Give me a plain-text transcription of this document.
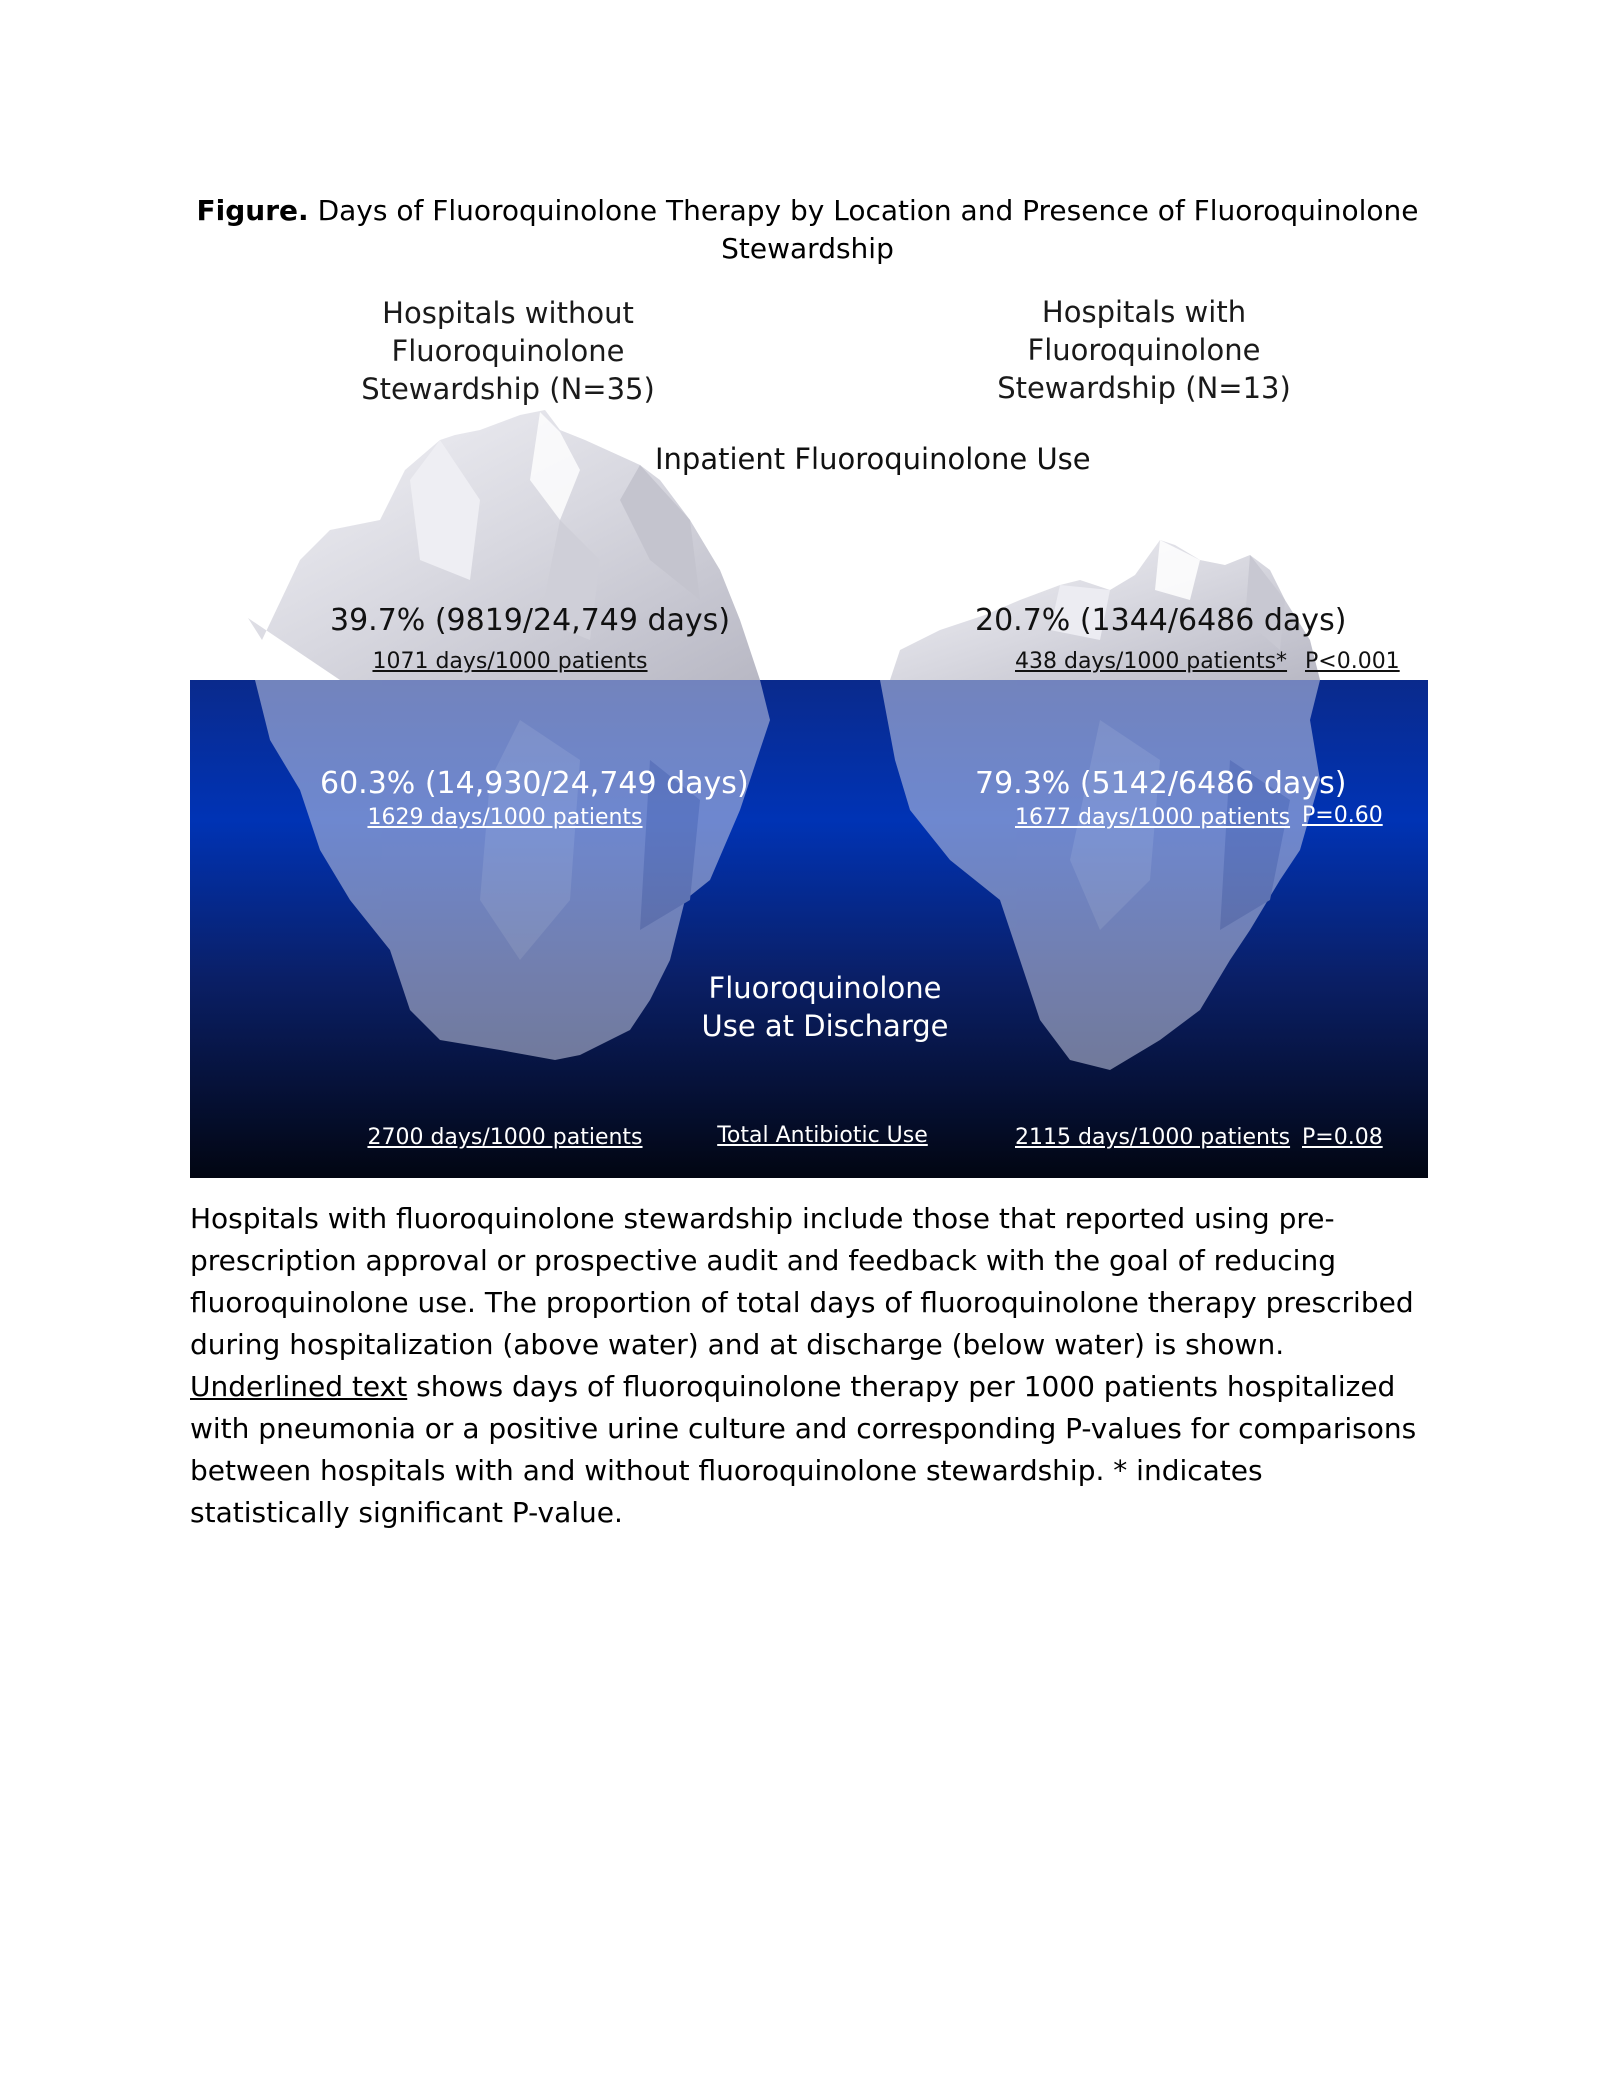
Figure. Days of Fluoroquinolone Therapy by Location and Presence of Fluoroquinolone Stewardship
Hospitals without Fluoroquinolone Stewardship (N=35)
Hospitals with Fluoroquinolone Stewardship (N=13)
Inpatient Fluoroquinolone Use
39.7% (9819/24,749 days)
1071 days/1000 patients
20.7% (1344/6486 days)
438 days/1000 patients* P<0.001
60.3% (14,930/24,749 days)
1629 days/1000 patients
79.3% (5142/6486 days)
1677 days/1000 patients P=0.60
Fluoroquinolone Use at Discharge
2700 days/1000 patients	Total Antibiotic Use	2115 days/1000 patients P=0.08
Hospitals with fluoroquinolone stewardship include those that reported using pre-prescription approval or prospective audit and feedback with the goal of reducing fluoroquinolone use. The proportion of total days of fluoroquinolone therapy prescribed during hospitalization (above water) and at discharge (below water) is shown. Underlined text shows days of fluoroquinolone therapy per 1000 patients hospitalized with pneumonia or a positive urine culture and corresponding P-values for comparisons between hospitals with and without fluoroquinolone stewardship. * indicates statistically significant P-value.
